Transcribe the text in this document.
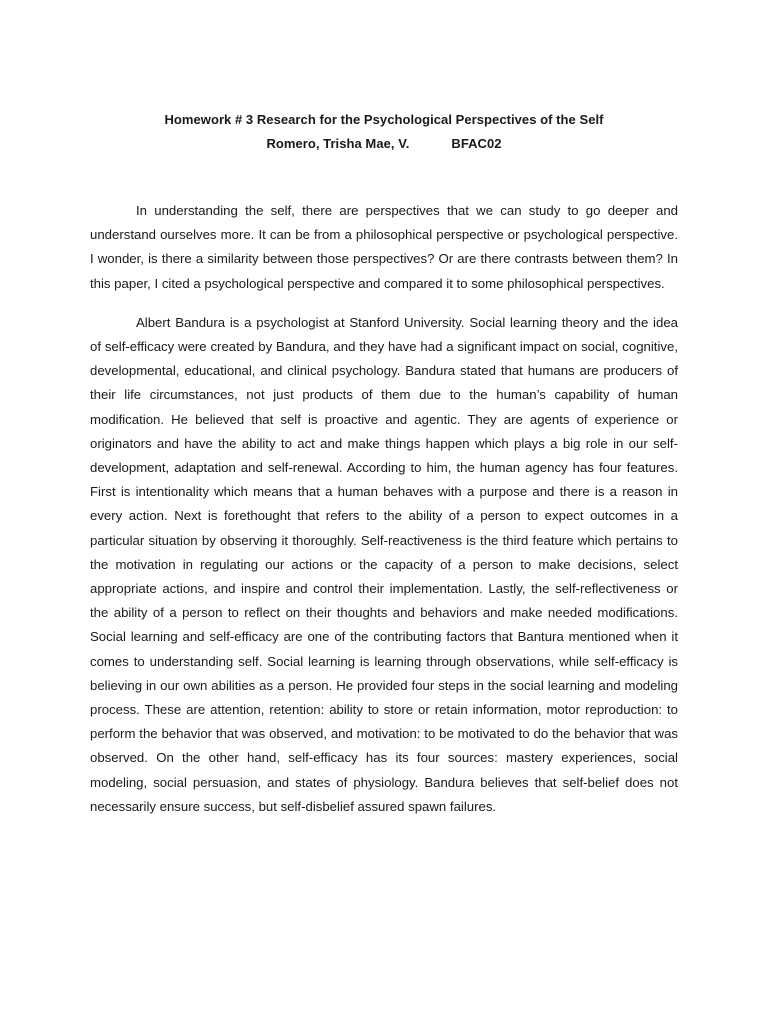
Homework # 3 Research for the Psychological Perspectives of the Self
Romero, Trisha Mae, V.	BFAC02

In understanding the self, there are perspectives that we can study to go deeper and understand ourselves more. It can be from a philosophical perspective or psychological perspective. I wonder, is there a similarity between those perspectives? Or are there contrasts between them? In this paper, I cited a psychological perspective and compared it to some philosophical perspectives.

Albert Bandura is a psychologist at Stanford University. Social learning theory and the idea of self-efficacy were created by Bandura, and they have had a significant impact on social, cognitive, developmental, educational, and clinical psychology. Bandura stated that humans are producers of their life circumstances, not just products of them due to the human’s capability of human modification. He believed that self is proactive and agentic. They are agents of experience or originators and have the ability to act and make things happen which plays a big role in our self-development, adaptation and self-renewal. According to him, the human agency has four features. First is intentionality which means that a human behaves with a purpose and there is a reason in every action. Next is forethought that refers to the ability of a person to expect outcomes in a particular situation by observing it thoroughly. Self-reactiveness is the third feature which pertains to the motivation in regulating our actions or the capacity of a person to make decisions, select appropriate actions, and inspire and control their implementation. Lastly, the self-reflectiveness or the ability of a person to reflect on their thoughts and behaviors and make needed modifications. Social learning and self-efficacy are one of the contributing factors that Bantura mentioned when it comes to understanding self. Social learning is learning through observations, while self-efficacy is believing in our own abilities as a person. He provided four steps in the social learning and modeling process. These are attention, retention: ability to store or retain information, motor reproduction: to perform the behavior that was observed, and motivation: to be motivated to do the behavior that was observed. On the other hand, self-efficacy has its four sources: mastery experiences, social modeling, social persuasion, and states of physiology. Bandura believes that self-belief does not necessarily ensure success, but self-disbelief assured spawn failures.
